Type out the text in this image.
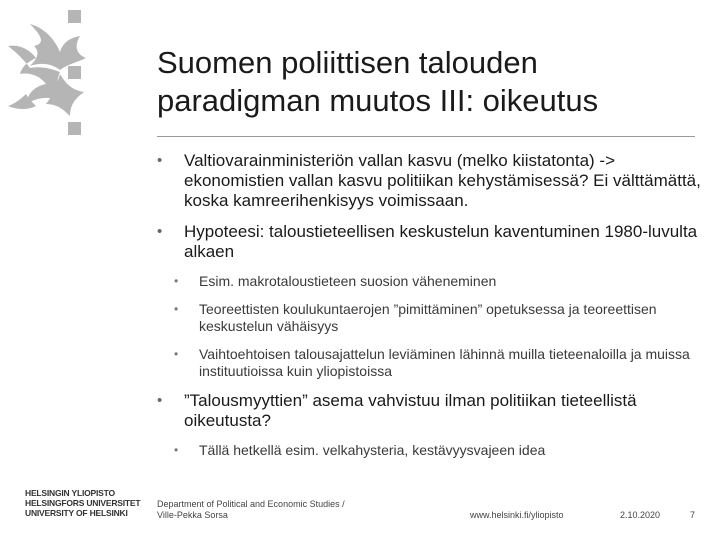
Suomen poliittisen talouden
paradigman muutos III: oikeutus
• Valtiovarainministeriön vallan kasvu (melko kiistatonta) -> ekonomistien vallan kasvu politiikan kehystämisessä? Ei välttämättä, koska kamreerihenkisyys voimissaan.
• Hypoteesi: taloustieteellisen keskustelun kaventuminen 1980-luvulta alkaen
• Esim. makrotaloustieteen suosion väheneminen
• Teoreettisten koulukuntaerojen ”pimittäminen” opetuksessa ja teoreettisen keskustelun vähäisyys
• Vaihtoehtoisen talousajattelun leviäminen lähinnä muilla tieteenaloilla ja muissa instituutioissa kuin yliopistoissa
• ”Talousmyyttien” asema vahvistuu ilman politiikan tieteellistä oikeutusta?
• Tällä hetkellä esim. velkahysteria, kestävyysvajeen idea
HELSINGIN YLIOPISTO
HELSINGFORS UNIVERSITET
UNIVERSITY OF HELSINKI
Department of Political and Economic Studies /
Ville-Pekka Sorsa	www.helsinki.fi/yliopisto	2.10.2020	7
